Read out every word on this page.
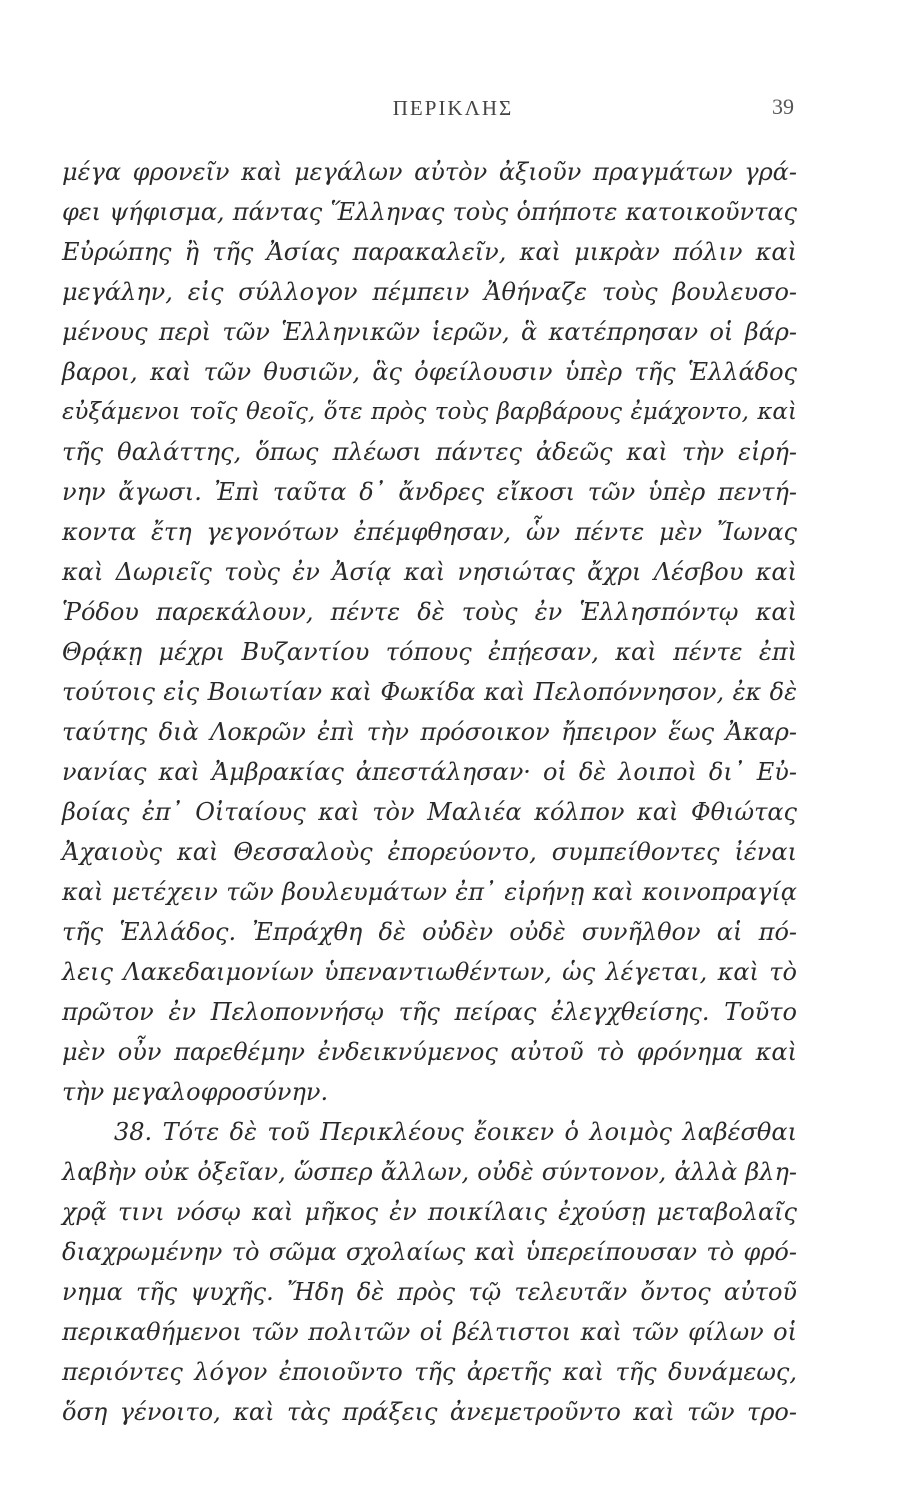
ΠΕΡΙΚΛΗΣ	39
μέγα φρονεῖν καὶ μεγάλων αὐτὸν ἀξιοῦν πραγμάτων γρά-
φει ψήφισμα, πάντας Ἕλληνας τοὺς ὁπήποτε κατοικοῦντας
Εὐρώπης ἢ τῆς Ἀσίας παρακαλεῖν, καὶ μικρὰν πόλιν καὶ
μεγάλην, εἰς σύλλογον πέμπειν Ἀθήναζε τοὺς βουλευσο-
μένους περὶ τῶν Ἑλληνικῶν ἱερῶν, ἃ κατέπρησαν οἱ βάρ-
βαροι, καὶ τῶν θυσιῶν, ἃς ὀφείλουσιν ὑπὲρ τῆς Ἑλλάδος
εὐξάμενοι τοῖς θεοῖς, ὅτε πρὸς τοὺς βαρβάρους ἐμάχοντο, καὶ
τῆς θαλάττης, ὅπως πλέωσι πάντες ἀδεῶς καὶ τὴν εἰρή-
νην ἄγωσι. Ἐπὶ ταῦτα δ᾽ ἄνδρες εἴκοσι τῶν ὑπὲρ πεντή-
κοντα ἔτη γεγονότων ἐπέμφθησαν, ὧν πέντε μὲν Ἴωνας
καὶ Δωριεῖς τοὺς ἐν Ἀσίᾳ καὶ νησιώτας ἄχρι Λέσβου καὶ
Ῥόδου παρεκάλουν, πέντε δὲ τοὺς ἐν Ἑλλησπόντῳ καὶ
Θρᾴκῃ μέχρι Βυζαντίου τόπους ἐπῄεσαν, καὶ πέντε ἐπὶ
τούτοις εἰς Βοιωτίαν καὶ Φωκίδα καὶ Πελοπόννησον, ἐκ δὲ
ταύτης διὰ Λοκρῶν ἐπὶ τὴν πρόσοικον ἤπειρον ἕως Ἀκαρ-
νανίας καὶ Ἀμβρακίας ἀπεστάλησαν· οἱ δὲ λοιποὶ δι᾽ Εὐ-
βοίας ἐπ᾽ Οἰταίους καὶ τὸν Μαλιέα κόλπον καὶ Φθιώτας
Ἀχαιοὺς καὶ Θεσσαλοὺς ἐπορεύοντο, συμπείθοντες ἰέναι
καὶ μετέχειν τῶν βουλευμάτων ἐπ᾽ εἰρήνῃ καὶ κοινοπραγίᾳ
τῆς Ἑλλάδος. Ἐπράχθη δὲ οὐδὲν οὐδὲ συνῆλθον αἱ πό-
λεις Λακεδαιμονίων ὑπεναντιωθέντων, ὡς λέγεται, καὶ τὸ
πρῶτον ἐν Πελοποννήσῳ τῆς πείρας ἐλεγχθείσης. Τοῦτο
μὲν οὖν παρεθέμην ἐνδεικνύμενος αὐτοῦ τὸ φρόνημα καὶ
τὴν μεγαλοφροσύνην.
38. Τότε δὲ τοῦ Περικλέους ἔοικεν ὁ λοιμὸς λαβέσθαι
λαβὴν οὐκ ὀξεῖαν, ὥσπερ ἄλλων, οὐδὲ σύντονον, ἀλλὰ βλη-
χρᾷ τινι νόσῳ καὶ μῆκος ἐν ποικίλαις ἐχούσῃ μεταβολαῖς
διαχρωμένην τὸ σῶμα σχολαίως καὶ ὑπερείπουσαν τὸ φρό-
νημα τῆς ψυχῆς. Ἤδη δὲ πρὸς τῷ τελευτᾶν ὄντος αὐτοῦ
περικαθήμενοι τῶν πολιτῶν οἱ βέλτιστοι καὶ τῶν φίλων οἱ
περιόντες λόγον ἐποιοῦντο τῆς ἀρετῆς καὶ τῆς δυνάμεως,
ὅση γένοιτο, καὶ τὰς πράξεις ἀνεμετροῦντο καὶ τῶν τρο-
